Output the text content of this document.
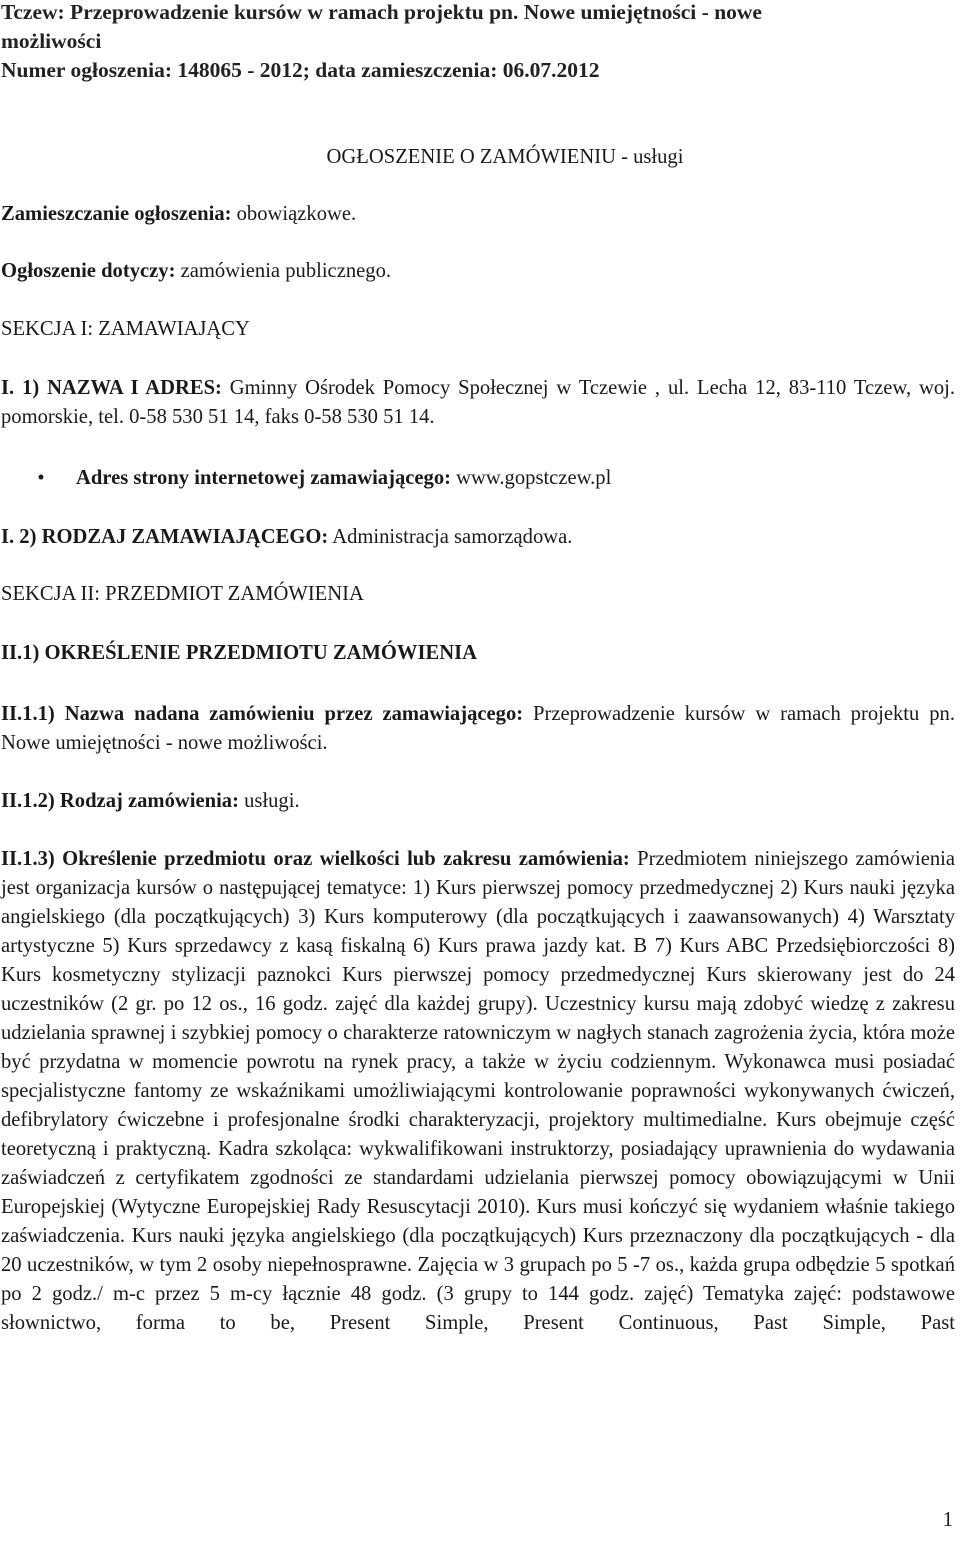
Tczew: Przeprowadzenie kursów w ramach projektu pn. Nowe umiejętności - nowe
możliwości
Numer ogłoszenia: 148065 - 2012; data zamieszczenia: 06.07.2012
OGŁOSZENIE O ZAMÓWIENIU - usługi
Zamieszczanie ogłoszenia: obowiązkowe.
Ogłoszenie dotyczy: zamówienia publicznego.
SEKCJA I: ZAMAWIAJĄCY
I. 1) NAZWA I ADRES: Gminny Ośrodek Pomocy Społecznej w Tczewie , ul. Lecha 12, 83-110 Tczew, woj. pomorskie, tel. 0-58 530 51 14, faks 0-58 530 51 14.
• Adres strony internetowej zamawiającego: www.gopstczew.pl
I. 2) RODZAJ ZAMAWIAJĄCEGO: Administracja samorządowa.
SEKCJA II: PRZEDMIOT ZAMÓWIENIA
II.1) OKREŚLENIE PRZEDMIOTU ZAMÓWIENIA
II.1.1) Nazwa nadana zamówieniu przez zamawiającego: Przeprowadzenie kursów w ramach projektu pn. Nowe umiejętności - nowe możliwości.
II.1.2) Rodzaj zamówienia: usługi.
II.1.3) Określenie przedmiotu oraz wielkości lub zakresu zamówienia: Przedmiotem niniejszego zamówienia jest organizacja kursów o następującej tematyce: 1) Kurs pierwszej pomocy przedmedycznej 2) Kurs nauki języka angielskiego (dla początkujących) 3) Kurs komputerowy (dla początkujących i zaawansowanych) 4) Warsztaty artystyczne 5) Kurs sprzedawcy z kasą fiskalną 6) Kurs prawa jazdy kat. B 7) Kurs ABC Przedsiębiorczości 8) Kurs kosmetyczny stylizacji paznokci Kurs pierwszej pomocy przedmedycznej Kurs skierowany jest do 24 uczestników (2 gr. po 12 os., 16 godz. zajęć dla każdej grupy). Uczestnicy kursu mają zdobyć wiedzę z zakresu udzielania sprawnej i szybkiej pomocy o charakterze ratowniczym w nagłych stanach zagrożenia życia, która może być przydatna w momencie powrotu na rynek pracy, a także w życiu codziennym. Wykonawca musi posiadać specjalistyczne fantomy ze wskaźnikami umożliwiającymi kontrolowanie poprawności wykonywanych ćwiczeń, defibrylatory ćwiczebne i profesjonalne środki charakteryzacji, projektory multimedialne. Kurs obejmuje część teoretyczną i praktyczną. Kadra szkoląca: wykwalifikowani instruktorzy, posiadający uprawnienia do wydawania zaświadczeń z certyfikatem zgodności ze standardami udzielania pierwszej pomocy obowiązującymi w Unii Europejskiej (Wytyczne Europejskiej Rady Resuscytacji 2010). Kurs musi kończyć się wydaniem właśnie takiego zaświadczenia. Kurs nauki języka angielskiego (dla początkujących) Kurs przeznaczony dla początkujących - dla 20 uczestników, w tym 2 osoby niepełnosprawne. Zajęcia w 3 grupach po 5 -7 os., każda grupa odbędzie 5 spotkań po 2 godz./ m-c przez 5 m-cy łącznie 48 godz. (3 grupy to 144 godz. zajęć) Tematyka zajęć: podstawowe słownictwo, forma to be, Present Simple, Present Continuous, Past Simple, Past
1
